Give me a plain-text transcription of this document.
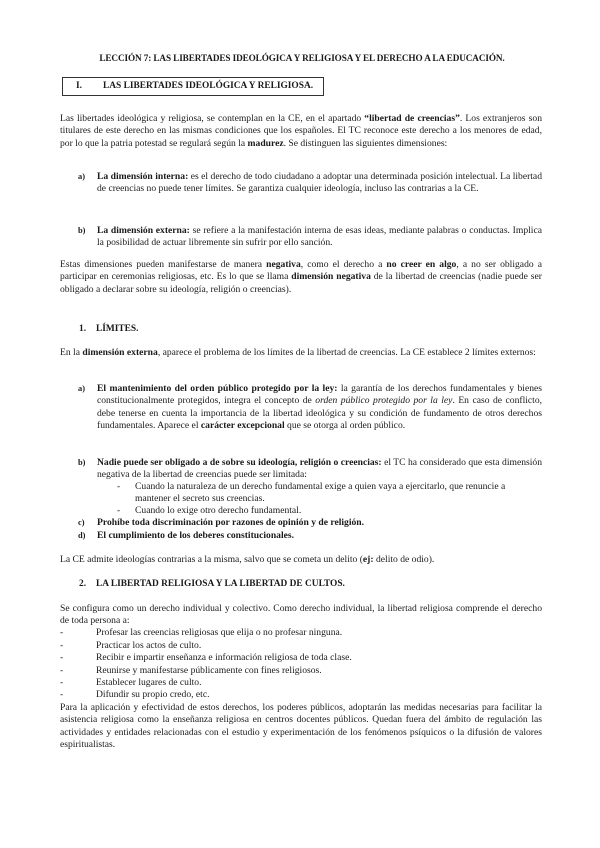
LECCIÓN 7: LAS LIBERTADES IDEOLÓGICA Y RELIGIOSA Y EL DERECHO A LA EDUCACIÓN.
I. LAS LIBERTADES IDEOLÓGICA Y RELIGIOSA.
Las libertades ideológica y religiosa, se contemplan en la CE, en el apartado “libertad de creencias”. Los extranjeros son titulares de este derecho en las mismas condiciones que los españoles. El TC reconoce este derecho a los menores de edad, por lo que la patria potestad se regulará según la madurez. Se distinguen las siguientes dimensiones:
a) La dimensión interna: es el derecho de todo ciudadano a adoptar una determinada posición intelectual. La libertad de creencias no puede tener límites. Se garantiza cualquier ideología, incluso las contrarias a la CE.
b) La dimensión externa: se refiere a la manifestación interna de esas ideas, mediante palabras o conductas. Implica la posibilidad de actuar libremente sin sufrir por ello sanción.
Estas dimensiones pueden manifestarse de manera negativa, como el derecho a no creer en algo, a no ser obligado a participar en ceremonias religiosas, etc. Es lo que se llama dimensión negativa de la libertad de creencias (nadie puede ser obligado a declarar sobre su ideología, religión o creencias).
1. LÍMITES.
En la dimensión externa, aparece el problema de los límites de la libertad de creencias. La CE establece 2 límites externos:
a) El mantenimiento del orden público protegido por la ley: la garantía de los derechos fundamentales y bienes constitucionalmente protegidos, integra el concepto de orden público protegido por la ley. En caso de conflicto, debe tenerse en cuenta la importancia de la libertad ideológica y su condición de fundamento de otros derechos fundamentales. Aparece el carácter excepcional que se otorga al orden público.
b) Nadie puede ser obligado a de sobre su ideología, religión o creencias: el TC ha considerado que esta dimensión negativa de la libertad de creencias puede ser limitada:
- Cuando la naturaleza de un derecho fundamental exige a quien vaya a ejercitarlo, que renuncie a mantener el secreto sus creencias.
- Cuando lo exige otro derecho fundamental.
c) Prohíbe toda discriminación por razones de opinión y de religión.
d) El cumplimiento de los deberes constitucionales.
La CE admite ideologías contrarias a la misma, salvo que se cometa un delito (ej: delito de odio).
2. LA LIBERTAD RELIGIOSA Y LA LIBERTAD DE CULTOS.
Se configura como un derecho individual y colectivo. Como derecho individual, la libertad religiosa comprende el derecho de toda persona a:
-	Profesar las creencias religiosas que elija o no profesar ninguna.
-	Practicar los actos de culto.
-	Recibir e impartir enseñanza e información religiosa de toda clase.
-	Reunirse y manifestarse públicamente con fines religiosos.
-	Establecer lugares de culto.
-	Difundir su propio credo, etc.
Para la aplicación y efectividad de estos derechos, los poderes públicos, adoptarán las medidas necesarias para facilitar la asistencia religiosa como la enseñanza religiosa en centros docentes públicos. Quedan fuera del ámbito de regulación las actividades y entidades relacionadas con el estudio y experimentación de los fenómenos psíquicos o la difusión de valores espiritualistas.
